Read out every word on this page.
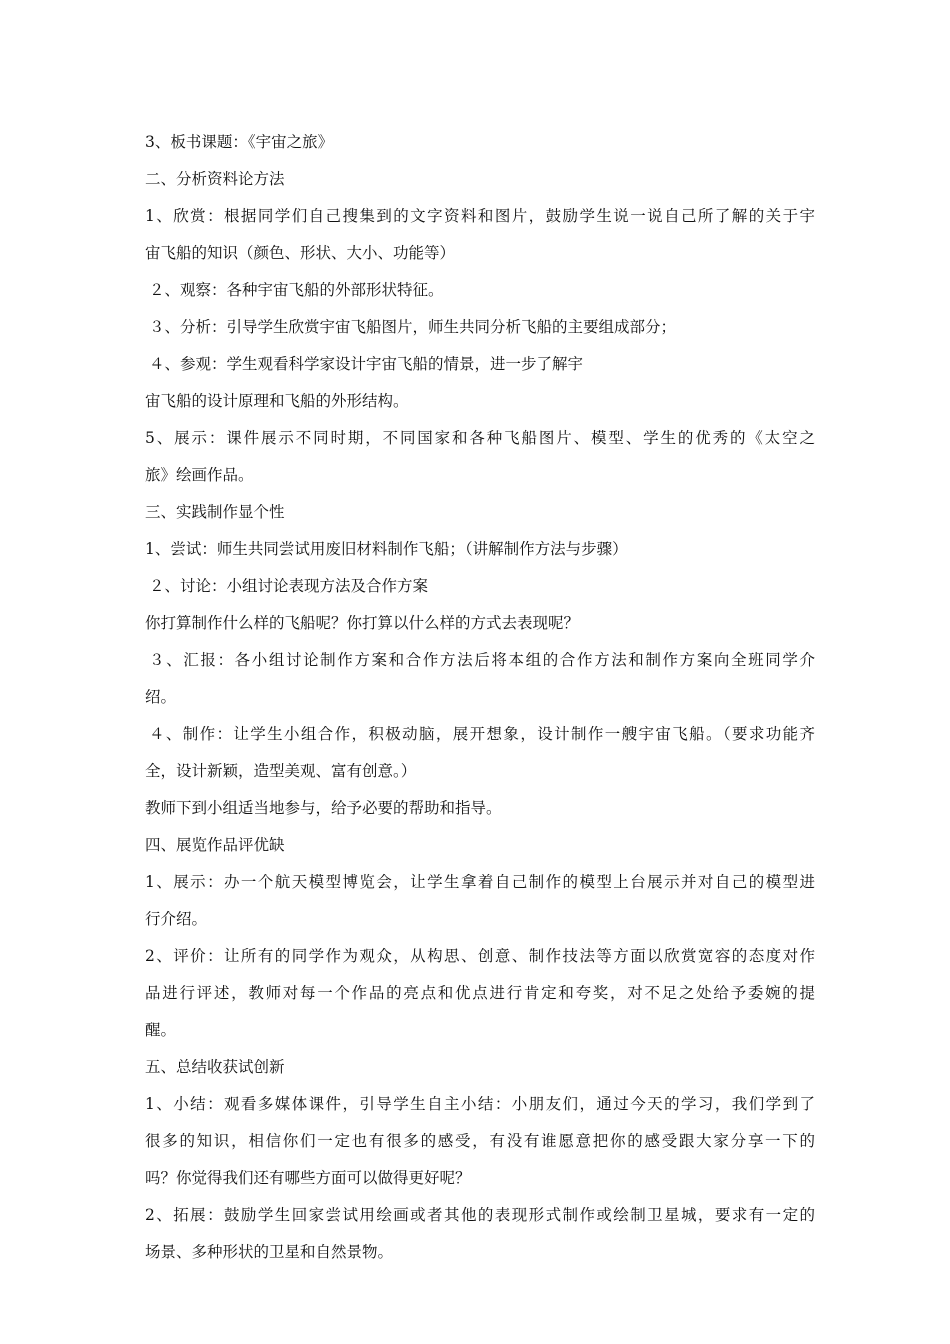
3、板书课题：《宇宙之旅》
二、分析资料论方法
1、欣赏：根据同学们自己搜集到的文字资料和图片，鼓励学生说一说自己所了解的关于宇
宙飞船的知识（颜色、形状、大小、功能等）
２、观察：各种宇宙飞船的外部形状特征。
３、分析：引导学生欣赏宇宙飞船图片，师生共同分析飞船的主要组成部分；
４、参观：学生观看科学家设计宇宙飞船的情景，进一步了解宇
宙飞船的设计原理和飞船的外形结构。
5、展示：课件展示不同时期，不同国家和各种飞船图片、模型、学生的优秀的《太空之
旅》绘画作品。
三、实践制作显个性
1、尝试：师生共同尝试用废旧材料制作飞船；（讲解制作方法与步骤）
２、讨论：小组讨论表现方法及合作方案
你打算制作什么样的飞船呢？你打算以什么样的方式去表现呢？
３、汇报：各小组讨论制作方案和合作方法后将本组的合作方法和制作方案向全班同学介
绍。
４、制作：让学生小组合作，积极动脑，展开想象，设计制作一艘宇宙飞船。（要求功能齐
全，设计新颖，造型美观、富有创意。）
教师下到小组适当地参与，给予必要的帮助和指导。
四、展览作品评优缺
1、展示：办一个航天模型博览会，让学生拿着自己制作的模型上台展示并对自己的模型进
行介绍。
2、评价：让所有的同学作为观众，从构思、创意、制作技法等方面以欣赏宽容的态度对作
品进行评述，教师对每一个作品的亮点和优点进行肯定和夸奖，对不足之处给予委婉的提
醒。
五、总结收获试创新
1、小结：观看多媒体课件，引导学生自主小结：小朋友们，通过今天的学习，我们学到了
很多的知识，相信你们一定也有很多的感受，有没有谁愿意把你的感受跟大家分享一下的
吗？你觉得我们还有哪些方面可以做得更好呢？
2、拓展：鼓励学生回家尝试用绘画或者其他的表现形式制作或绘制卫星城，要求有一定的
场景、多种形状的卫星和自然景物。
